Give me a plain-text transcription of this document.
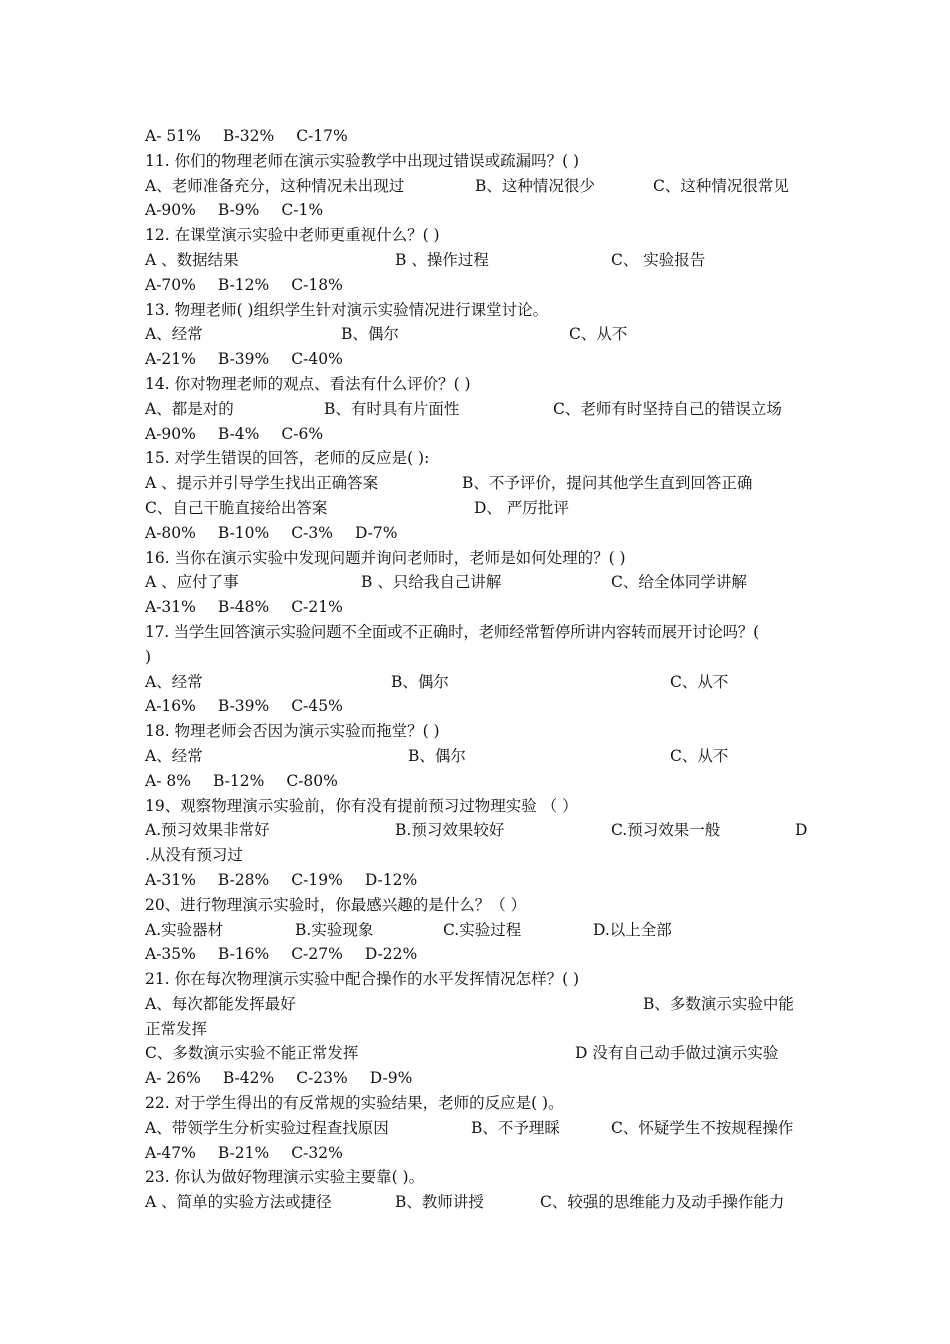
A- 51% B-32% C-17%
11. 你们的物理老师在演示实验教学中出现过错误或疏漏吗？( )
A、老师准备充分，这种情况未出现过	B、这种情况很少	C、这种情况很常见
A-90% B-9% C-1%
12. 在课堂演示实验中老师更重视什么？( )
A 、数据结果	B 、操作过程	C、 实验报告
A-70% B-12% C-18%
13. 物理老师( )组织学生针对演示实验情况进行课堂讨论。
A、经常	B、偶尔	C、从不
A-21% B-39% C-40%
14. 你对物理老师的观点、看法有什么评价？( )
A、都是对的	B、有时具有片面性	C、老师有时坚持自己的错误立场
A-90% B-4% C-6%
15. 对学生错误的回答，老师的反应是( ):
A 、提示并引导学生找出正确答案	B、不予评价，提问其他学生直到回答正确
C、自己干脆直接给出答案	D、 严厉批评
A-80% B-10% C-3% D-7%
16. 当你在演示实验中发现问题并询问老师时，老师是如何处理的？( )
A 、应付了事	B 、只给我自己讲解	C、给全体同学讲解
A-31% B-48% C-21%
17. 当学生回答演示实验问题不全面或不正确时，老师经常暂停所讲内容转而展开讨论吗？(
)
A、经常	B、偶尔	C、从不
A-16% B-39% C-45%
18. 物理老师会否因为演示实验而拖堂？( )
A、经常	B、偶尔	C、从不
A- 8% B-12% C-80%
19、观察物理演示实验前，你有没有提前预习过物理实验 （ ）
A.预习效果非常好	B.预习效果较好	C.预习效果一般	D
.从没有预习过
A-31% B-28% C-19% D-12%
20、进行物理演示实验时，你最感兴趣的是什么？（ ）
A.实验器材	B.实验现象	C.实验过程	D.以上全部
A-35% B-16% C-27% D-22%
21. 你在每次物理演示实验中配合操作的水平发挥情况怎样？( )
A、每次都能发挥最好	B、多数演示实验中能
正常发挥
C、多数演示实验不能正常发挥	D 没有自己动手做过演示实验
A- 26% B-42% C-23% D-9%
22. 对于学生得出的有反常规的实验结果，老师的反应是( )。
A、带领学生分析实验过程查找原因	B、不予理睬	C、怀疑学生不按规程操作
A-47% B-21% C-32%
23. 你认为做好物理演示实验主要靠( )。
A 、简单的实验方法或捷径	B、教师讲授	C、较强的思维能力及动手操作能力
